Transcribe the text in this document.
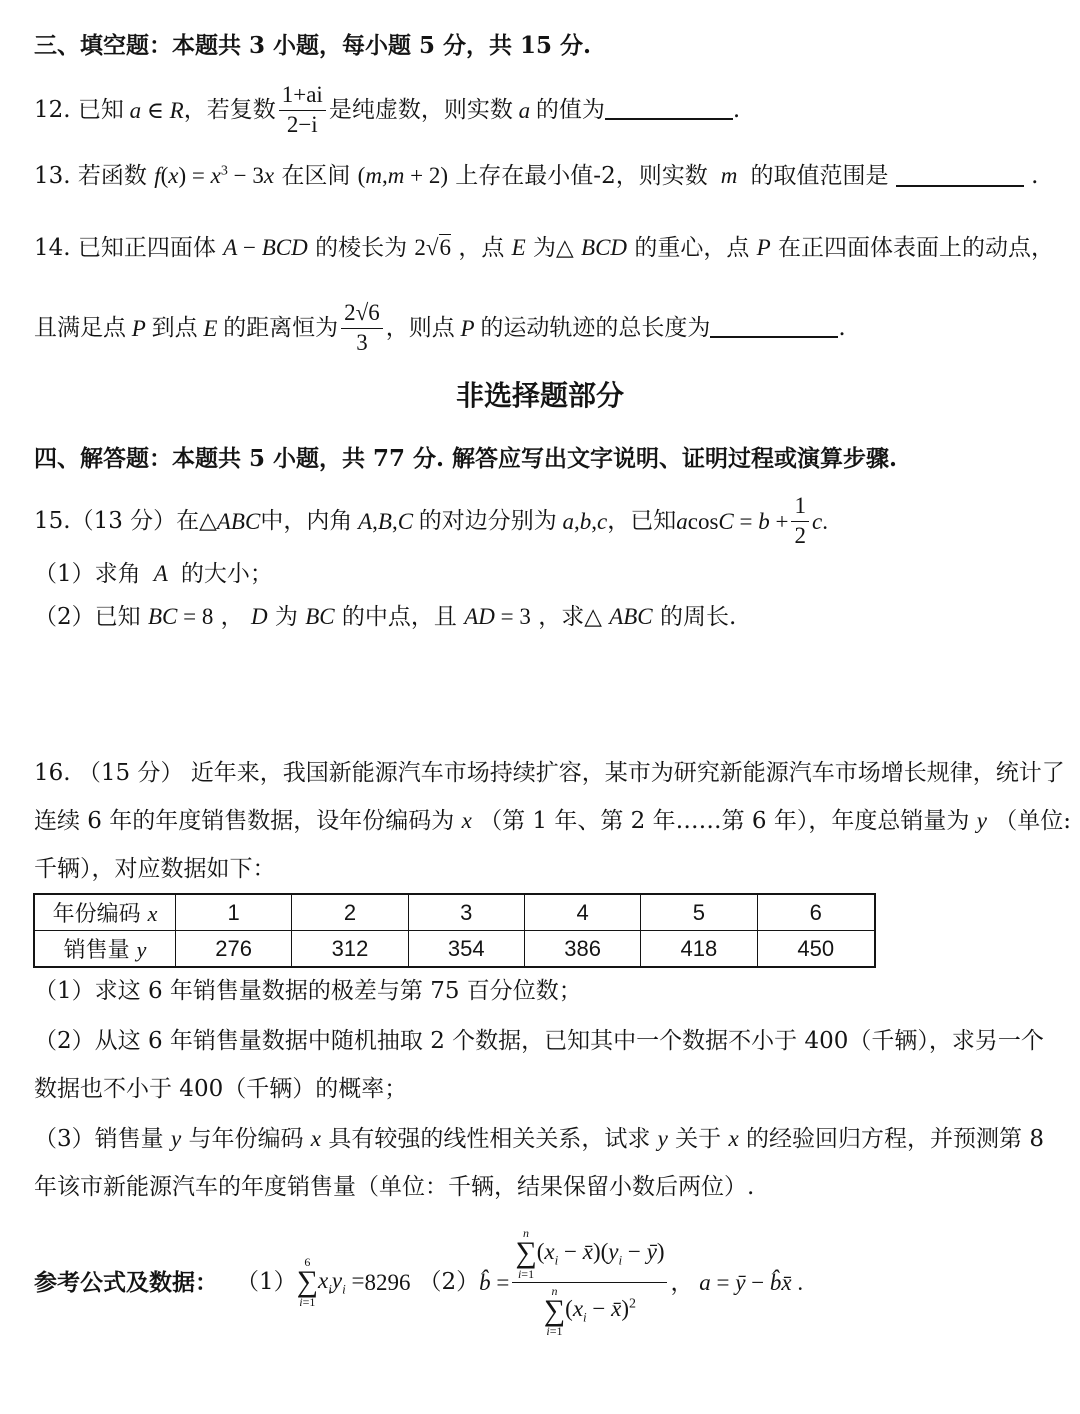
三、填空题：本题共 3 小题，每小题 5 分，共 15 分.
12.
已知 a ∈ R ，若复数 $\frac{1+ai}{2-i}$ 是纯虚数，则实数 a 的值为	.
13. 若函数 $f(x) = x^3 - 3x$ 在区间 (m,m + 2) 上存在最小值-2，则实数  m  的取值范围是	.
14. 已知正四面体 A − BCD 的棱长为 2√6 ，点 E 为△ BCD 的重心，点 P 在正四面体表面上的动点，
且满足点 P 到点 E 的距离恒为 $\frac{2√6}{3}$ ，则点 P 的运动轨迹的总长度为	.
非选择题部分
四、解答题：本题共 5 小题，共 77 分. 解答应写出文字说明、证明过程或演算步骤.
15. （13 分） 在△ ABC 中，内角 A,B,C 的对边分别为 a,b,c ，已知 $acosC = b + \frac{1}{2} c$.
（1）求角  A  的大小；
（2）已知 BC = 8 ， D 为 BC 的中点，且 AD = 3 ，求△ ABC 的周长.
16. （15 分） 近年来，我国新能源汽车市场持续扩容，某市为研究新能源汽车市场增长规律，统计了
连续 6 年的年度销售数据，设年份编码为 x （第 1 年、第 2 年……第 6 年），年度总销量为 y （单位:
千辆），对应数据如下：
年份编码 x	1	2	3	4	5	6
销售量 y	276	312	354	386	418	450
（1）求这 6 年销售量数据的极差与第 75 百分位数；
（2）从这 6 年销售量数据中随机抽取 2 个数据，已知其中一个数据不小于 400（千辆），求另一个
数据也不小于 400（千辆）的概率；
（3）销售量 y 与年份编码 x 具有较强的线性相关关系，试求 y 关于 x 的经验回归方程，并预测第 8
年该市新能源汽车的年度销售量（单位：千辆，结果保留小数后两位）.
参考公式及数据： （1）
6
∑
i=1
$x_iy_i = 8296$ （2） b̂ = n
∑
i=1
($x_i$ − $x̄)(y_i$ − ȳ)
n
∑
i=1
($x_i$ − x̄)$^2$ ， a = ȳ − b̂x̄ .
